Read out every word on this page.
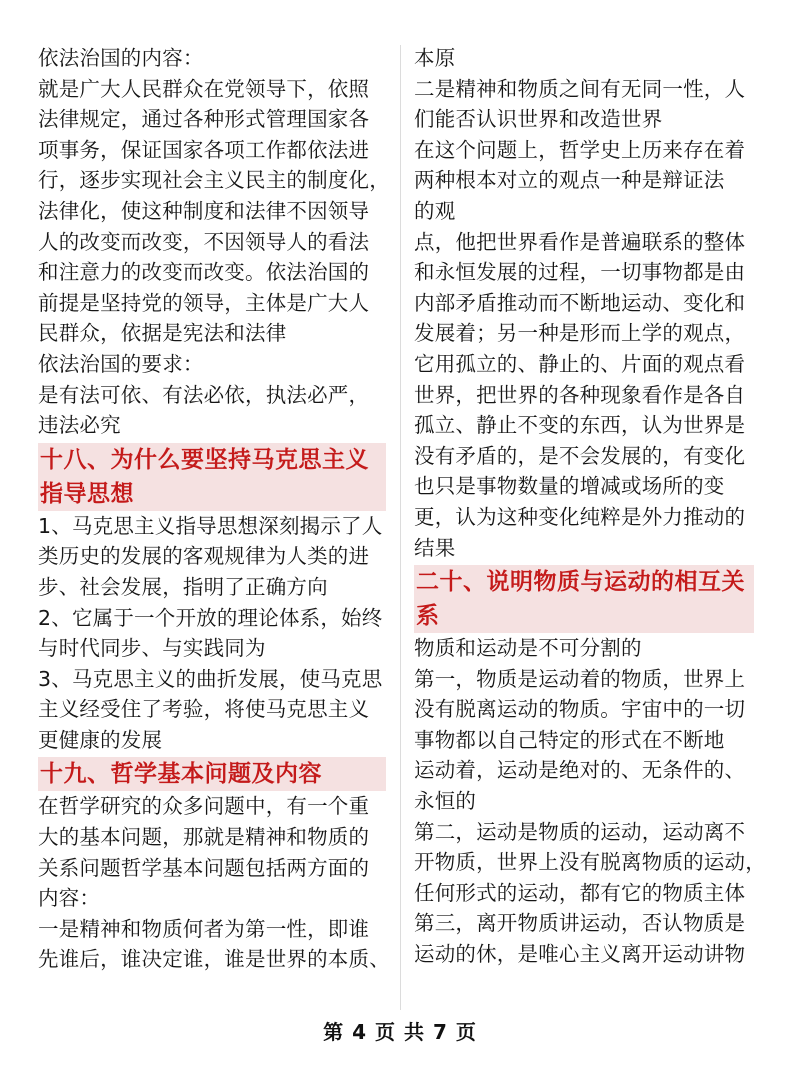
依法治国的内容：
就是广大人民群众在党领导下，依照
法律规定，通过各种形式管理国家各
项事务，保证国家各项工作都依法进
行，逐步实现社会主义民主的制度化，
法律化，使这种制度和法律不因领导
人的改变而改变，不因领导人的看法
和注意力的改变而改变。依法治国的
前提是坚持党的领导，主体是广大人
民群众，依据是宪法和法律
依法治国的要求：
是有法可依、有法必依，执法必严，
违法必究
十八、为什么要坚持马克思主义
指导思想
1、马克思主义指导思想深刻揭示了人
类历史的发展的客观规律为人类的进
步、社会发展，指明了正确方向
2、它属于一个开放的理论体系，始终
与时代同步、与实践同为
3、马克思主义的曲折发展，使马克思
主义经受住了考验，将使马克思主义
更健康的发展
十九、哲学基本问题及内容
在哲学研究的众多问题中，有一个重
大的基本问题，那就是精神和物质的
关系问题哲学基本问题包括两方面的
内容：
一是精神和物质何者为第一性，即谁
先谁后，谁决定谁，谁是世界的本质、
本原
二是精神和物质之间有无同一性，人
们能否认识世界和改造世界
在这个问题上，哲学史上历来存在着
两种根本对立的观点一种是辩证法
的观
点，他把世界看作是普遍联系的整体
和永恒发展的过程，一切事物都是由
内部矛盾推动而不断地运动、变化和
发展着；另一种是形而上学的观点，
它用孤立的、静止的、片面的观点看
世界，把世界的各种现象看作是各自
孤立、静止不变的东西，认为世界是
没有矛盾的，是不会发展的，有变化
也只是事物数量的增减或场所的变
更，认为这种变化纯粹是外力推动的
结果
二十、说明物质与运动的相互关
系
物质和运动是不可分割的
第一，物质是运动着的物质，世界上
没有脱离运动的物质。宇宙中的一切
事物都以自己特定的形式在不断地
运动着，运动是绝对的、无条件的、
永恒的
第二，运动是物质的运动，运动离不
开物质，世界上没有脱离物质的运动，
任何形式的运动，都有它的物质主体
第三，离开物质讲运动，否认物质是
运动的休，是唯心主义离开运动讲物
第 4 页 共 7 页
